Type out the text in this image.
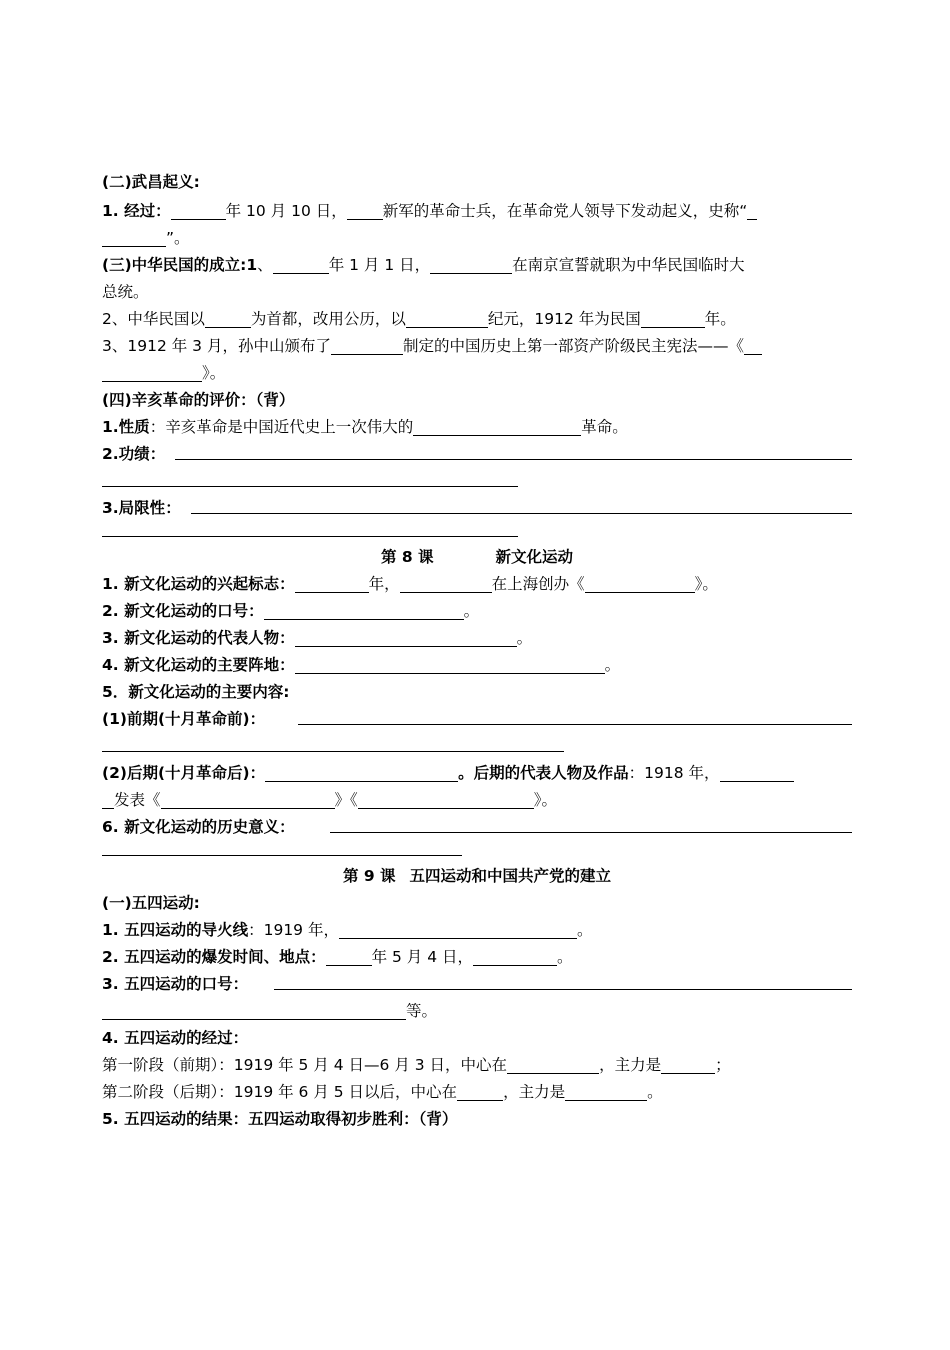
(二)武昌起义:
1. 经过：	年 10 月 10 日， 新军的革命士兵，在革命党人领导下发动起义，史称“
”。
(三)中华民国的成立:1、	年 1 月 1 日，	在南京宣誓就职为中华民国临时大
总统。
2、中华民国以	为首都，改用公历，以	纪元，1912 年为民国	年。
3、1912 年 3 月，孙中山颁布了	制定的中国历史上第一部资产阶级民主宪法——《
》。
(四)辛亥革命的评价：（背）
1.性质：辛亥革命是中国近代史上一次伟大的	革命。
2.功绩：
3.局限性：
第 8 课	新文化运动
1. 新文化运动的兴起标志：	年，	在上海创办《	》。
2. 新文化运动的口号：	。
3. 新文化运动的代表人物：	。
4. 新文化运动的主要阵地：	。
5．新文化运动的主要内容:
(1)前期(十月革命前)：
(2)后期(十月革命后)：	。后期的代表人物及作品：1918 年，
发表《	》《	》。
6. 新文化运动的历史意义：
第 9 课 五四运动和中国共产党的建立
(一)五四运动:
1. 五四运动的导火线：1919 年，	。
2. 五四运动的爆发时间、地点：	年 5 月 4 日，	。
3. 五四运动的口号：
等。
4. 五四运动的经过：
第一阶段（前期）：1919 年 5 月 4 日—6 月 3 日，中心在	，主力是	；
第二阶段（后期）：1919 年 6 月 5 日以后，中心在	，主力是	。
5. 五四运动的结果：五四运动取得初步胜利：（背）
